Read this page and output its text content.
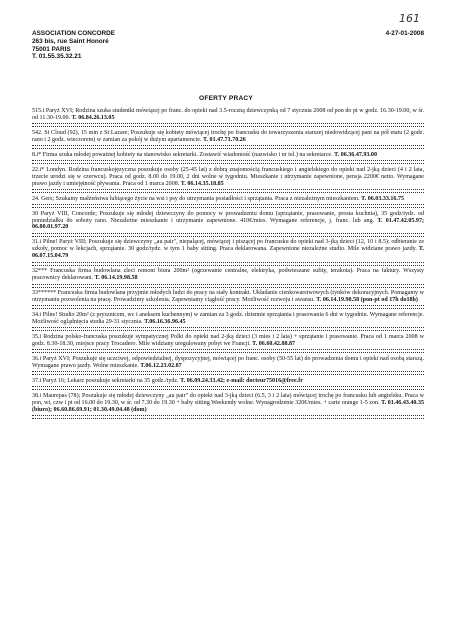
161
ASSOCIATION CONCORDE
263 bis, rue Saint Honoré
75001 PARIS
T. 01.55.35.32.21
4-27-01-2008
OFERTY PRACY

515.i Paryż XVI; Rodzina szuka studentki mówiącej po franc. do opieki nad 3.5-roczną dziewczynką od 7 stycznia 2008 od pon do pt w godz. 16.30-19.00, w śr. od 11.30-19.00. T. 06.84.26.13.05

542. St Cloud (92), 15 min z St Lazare; Poszukuje się kobiety mówiącej trochę po francusku do towarzyszenia starszej niedowidzącej pani na pół etatu (2 godz. rano i 2 godz. wieczorem) w zamian za pokój w dużym apartamencie. T. 01.47.71.70.26

8.i* Firma szuka młodej poważnej kobiety na stanowisko sekretarki. Zostawić wiadomość (nazwisko i nr tel.) na sekretarce. T. 06.36.47.93.00

22.i* Londyn. Rodzina francuskojęzyczna poszukuje osoby (25-45 lat) z dobrą znajomością francuskiego i angielskiego do opieki nad 2-jką dzieci (4 i 2 lata, trzecie urodzi się w czerwcu). Praca od godz. 8.00 do 19.00, 2 dni wolne w tygodniu. Mieszkanie i utrzymanie zapewnione, pensja 2200€ netto. Wymagane prawo jazdy i umiejętność pływania. Praca od 1 marca 2008. T. 06.14.35.18.85

24. Gers; Szukamy małżeństwa lubiącego życie na wsi i psy do utrzymania posiadłości i sprzątania. Praca z niezależnym mieszkaniem. T. 06.03.33.16.75

30 Paryż VIII, Concorde; Poszukuje się młodej dziewczyny do pomocy w prowadzeniu domu (sprzątanie, prasowanie, prosta kuchnia), 35 godz/tydz. od poniedziałku do soboty rano. Niezależne mieszkanie i utrzymanie zapewnione. 410€/mies. Wymagane referencje, j. franc. lub ang. T. 01.47.42.05.97; 06.80.01.97.20

31.i Pilne! Paryż VIII; Poszukuje się dziewczyny „au pair", niepalącej, mówiącej i piszącej po francusku do opieki nad 3-jką dzieci (12, 10 i 8.5): odbieranie ze szkoły, pomoc w lekcjach, sprzątanie. 30 godz/tydz. w tym 1 baby sitting. Praca deklarowana. Zapewnione niezależne studio. Mile widziane prawo jazdy. T. 06.07.15.04.79

32*** Francuska firma budowlana zleci remont biura 200m² (ogrzewanie centralne, elektryka, podwieszane sufity, terakota). Praca na faktury. Wszysty pracownicy deklarowani. T. 06.14.19.98.58

33****** Francuska firma budowlana przyjmie młodych ludzi do pracy na stały kontrakt. Układanie cienkowarstwowych (tynków dekoracyjnych. Pomagamy w otrzymaniu pozwolenia na pracę. Prowadzimy szkolenia. Zapewniamy ciągłość pracy. Możliwość rozwoju i awansu. T. 06.14.19.98.58 (pon-pt od 17h do18h)

34.i Pilne! Studio 20m² (z prysznicem, wc i aneksem kuchennym) w zamian za 3 godz. dziennie sprzątania i prasowania 6 dni w tygodniu. Wymagane referencje. Możliwość oglądnięcia studia 29-31 stycznia. T.06.16.36.96.45

35.i Rodzina polsko-francuska poszukuje sympatycznej Polki do opieki nad 2-jką dzieci (3 mies i 2 lata) + sprzątanie i prasowanie. Praca od 1 marca 2008 w godz. 8.30-18.30, miejsce pracy Trocadero. Mile widziany uregulowany pobyt we Francji. T. 06.60.42.88.87

36.i Paryż XVI; Poszukuje się uczciwej, odpowiedzialnej, dyspozycyjnej, mówiącej po franc. osoby (50-55 lat) do prowadzenia domu i opieki nad osobą starszą. Wymagane prawo jazdy. Wolne mieszkanie. T.06.12.23.02.87

37.i Paryż 16; Lekarz poszukuje sekretarki na 35 godz./tydz. T. 06.09.24.33.42; e-mail: docteur75016@free.fr

38.i Maurepas (78); Poszukuje się młodej dziewczyny „au pair" do opieki nad 3-jką dzieci (6.5, 3 i 2 lata) mówiącej trochę po francusku lub angielsku. Praca w pon, wt, czw i pt od 16.00 do 19.30, w śr. od 7.30 do 19.30 + baby sitting Weekendy wolne. Wynagrodzenie 320€/mies. + carte orange 1-5 zon. T. 01.46.43.40.35 (biuro); 06.60.86.69.91; 01.30.49.04.48 (dom)
